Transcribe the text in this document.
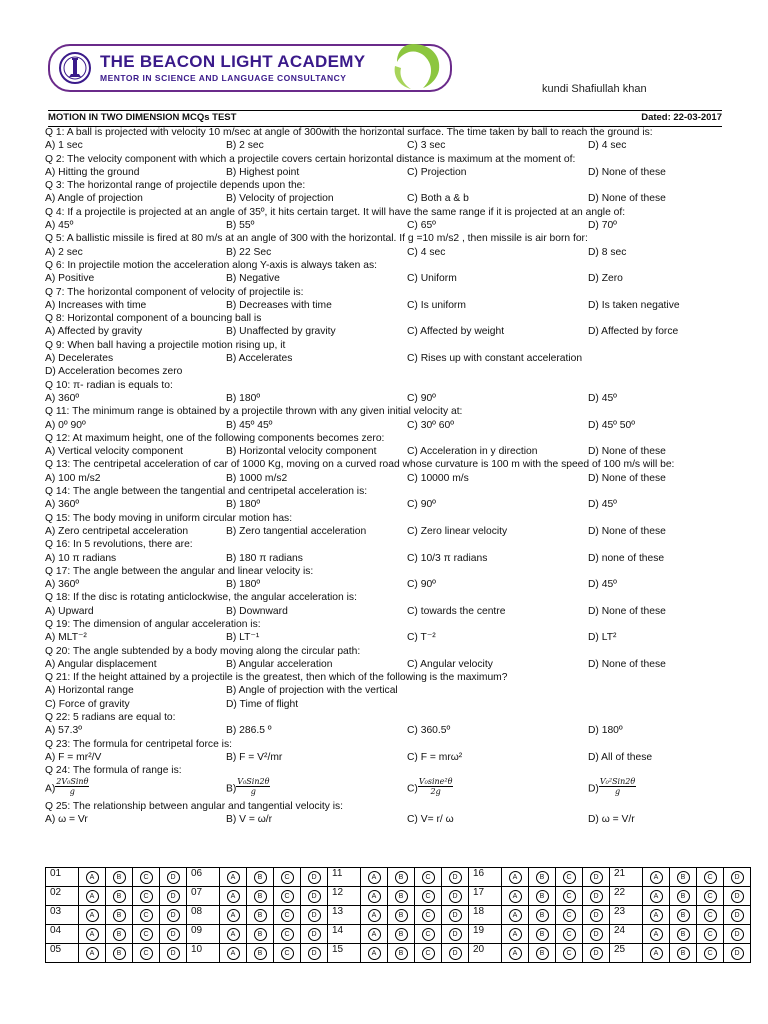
THE BEACON LIGHT ACADEMY
MENTOR IN SCIENCE AND LANGUAGE CONSULTANCY
kundi Shafiullah khan
MOTION IN TWO DIMENSION MCQs TEST	Dated: 22-03-2017
Q 1: A ball is projected with velocity 10 m/sec at angle of 300with the horizontal surface. The time taken by ball to reach the ground is:
A) 1 sec	B) 2 sec	C) 3 sec	D) 4 sec
Q 2: The velocity component with which a projectile covers certain horizontal distance is maximum at the moment of:
A) Hitting the ground	B) Highest point	C) Projection	D) None of these
Q 3: The horizontal range of projectile depends upon the:
A) Angle of projection	B) Velocity of projection	C) Both a & b	D) None of these
Q 4: If a projectile is projected at an angle of 35º, it hits certain target. It will have the same range if it is projected at an angle of:
A) 45º	B) 55º	C) 65º	D) 70º
Q 5: A ballistic missile is fired at 80 m/s at an angle of 300 with the horizontal. If g =10 m/s2 , then missile is air born for:
A) 2 sec	B) 22 Sec	C) 4 sec	D) 8 sec
Q 6: In projectile motion the acceleration along Y-axis is always taken as:
A) Positive	B) Negative	C) Uniform	D) Zero
Q 7: The horizontal component of velocity of projectile is:
A) Increases with time	B) Decreases with time	C) Is uniform	D) Is taken negative
Q 8: Horizontal component of a bouncing ball is
A) Affected by gravity	B) Unaffected by gravity	C) Affected by weight	D) Affected by force
Q 9: When ball having a projectile motion rising up, it
A) Decelerates	B) Accelerates	C) Rises up with constant acceleration
D) Acceleration becomes zero
Q 10: π- radian is equals to:
A) 360º	B) 180º	C) 90º	D) 45º
Q 11: The minimum range is obtained by a projectile thrown with any given initial velocity at:
A) 0º 90º	B) 45º 45º	C) 30º 60º	D) 45º 50º
Q 12: At maximum height, one of the following components becomes zero:
A) Vertical velocity component	B) Horizontal velocity component	C) Acceleration in y direction	D) None of these
Q 13: The centripetal acceleration of car of 1000 Kg, moving on a curved road whose curvature is 100 m with the speed of 100 m/s will be:
A) 100 m/s2	B) 1000 m/s2	C) 10000 m/s	D) None of these
Q 14: The angle between the tangential and centripetal acceleration is:
A) 360º	B) 180º	C) 90º	D) 45º
Q 15: The body moving in uniform circular motion has:
A) Zero centripetal acceleration	B) Zero tangential acceleration	C) Zero linear velocity	D) None of these
Q 16: In 5 revolutions, there are:
A) 10 π radians	B) 180 π radians	C) 10/3 π radians	D) none of these
Q 17: The angle between the angular and linear velocity is:
A) 360º	B) 180º	C) 90º	D) 45º
Q 18: If the disc is rotating anticlockwise, the angular acceleration is:
A) Upward	B) Downward	C) towards the centre	D) None of these
Q 19: The dimension of angular acceleration is:
A) MLT⁻²	B) LT⁻¹	C) T⁻²	D) LT²
Q 20: The angle subtended by a body moving along the circular path:
A) Angular displacement	B) Angular acceleration	C) Angular velocity	D) None of these
Q 21: If the height attained by a projectile is the greatest, then which of the following is the maximum?
A) Horizontal range	B) Angle of projection with the vertical
C) Force of gravity	D) Time of flight
Q 22: 5 radians are equal to:
A) 57.3º	B) 286.5 º	C) 360.5º	D) 180º
Q 23: The formula for centripetal force is:
A) F = mr²/V	B) F = V²/mr	C) F = mrω²	D) All of these
Q 24: The formula of range is:
$A) \frac{\text{2V₀Sinθ}}{g}$	$B) \frac{\text{V₀Sin2θ}}{g}$	$C) \frac{\text{V₀sine²θ}}{2g}$	$D) \frac{\text{V₀²Sin2θ}}{g}$
Q 25: The relationship between angular and tangential velocity is:
A) ω = Vr	B) V = ω/r	C) V= r/ ω	D) ω = V/r
01	A	B	C	D	06	A	B	C	D	11	A	B	C	D	16	A	B	C	D	21	A	B	C	D
02	A	B	C	D	07	A	B	C	D	12	A	B	C	D	17	A	B	C	D	22	A	B	C	D
03	A	B	C	D	08	A	B	C	D	13	A	B	C	D	18	A	B	C	D	23	A	B	C	D
04	A	B	C	D	09	A	B	C	D	14	A	B	C	D	19	A	B	C	D	24	A	B	C	D
05	A	B	C	D	10	A	B	C	D	15	A	B	C	D	20	A	B	C	D	25	A	B	C	D
